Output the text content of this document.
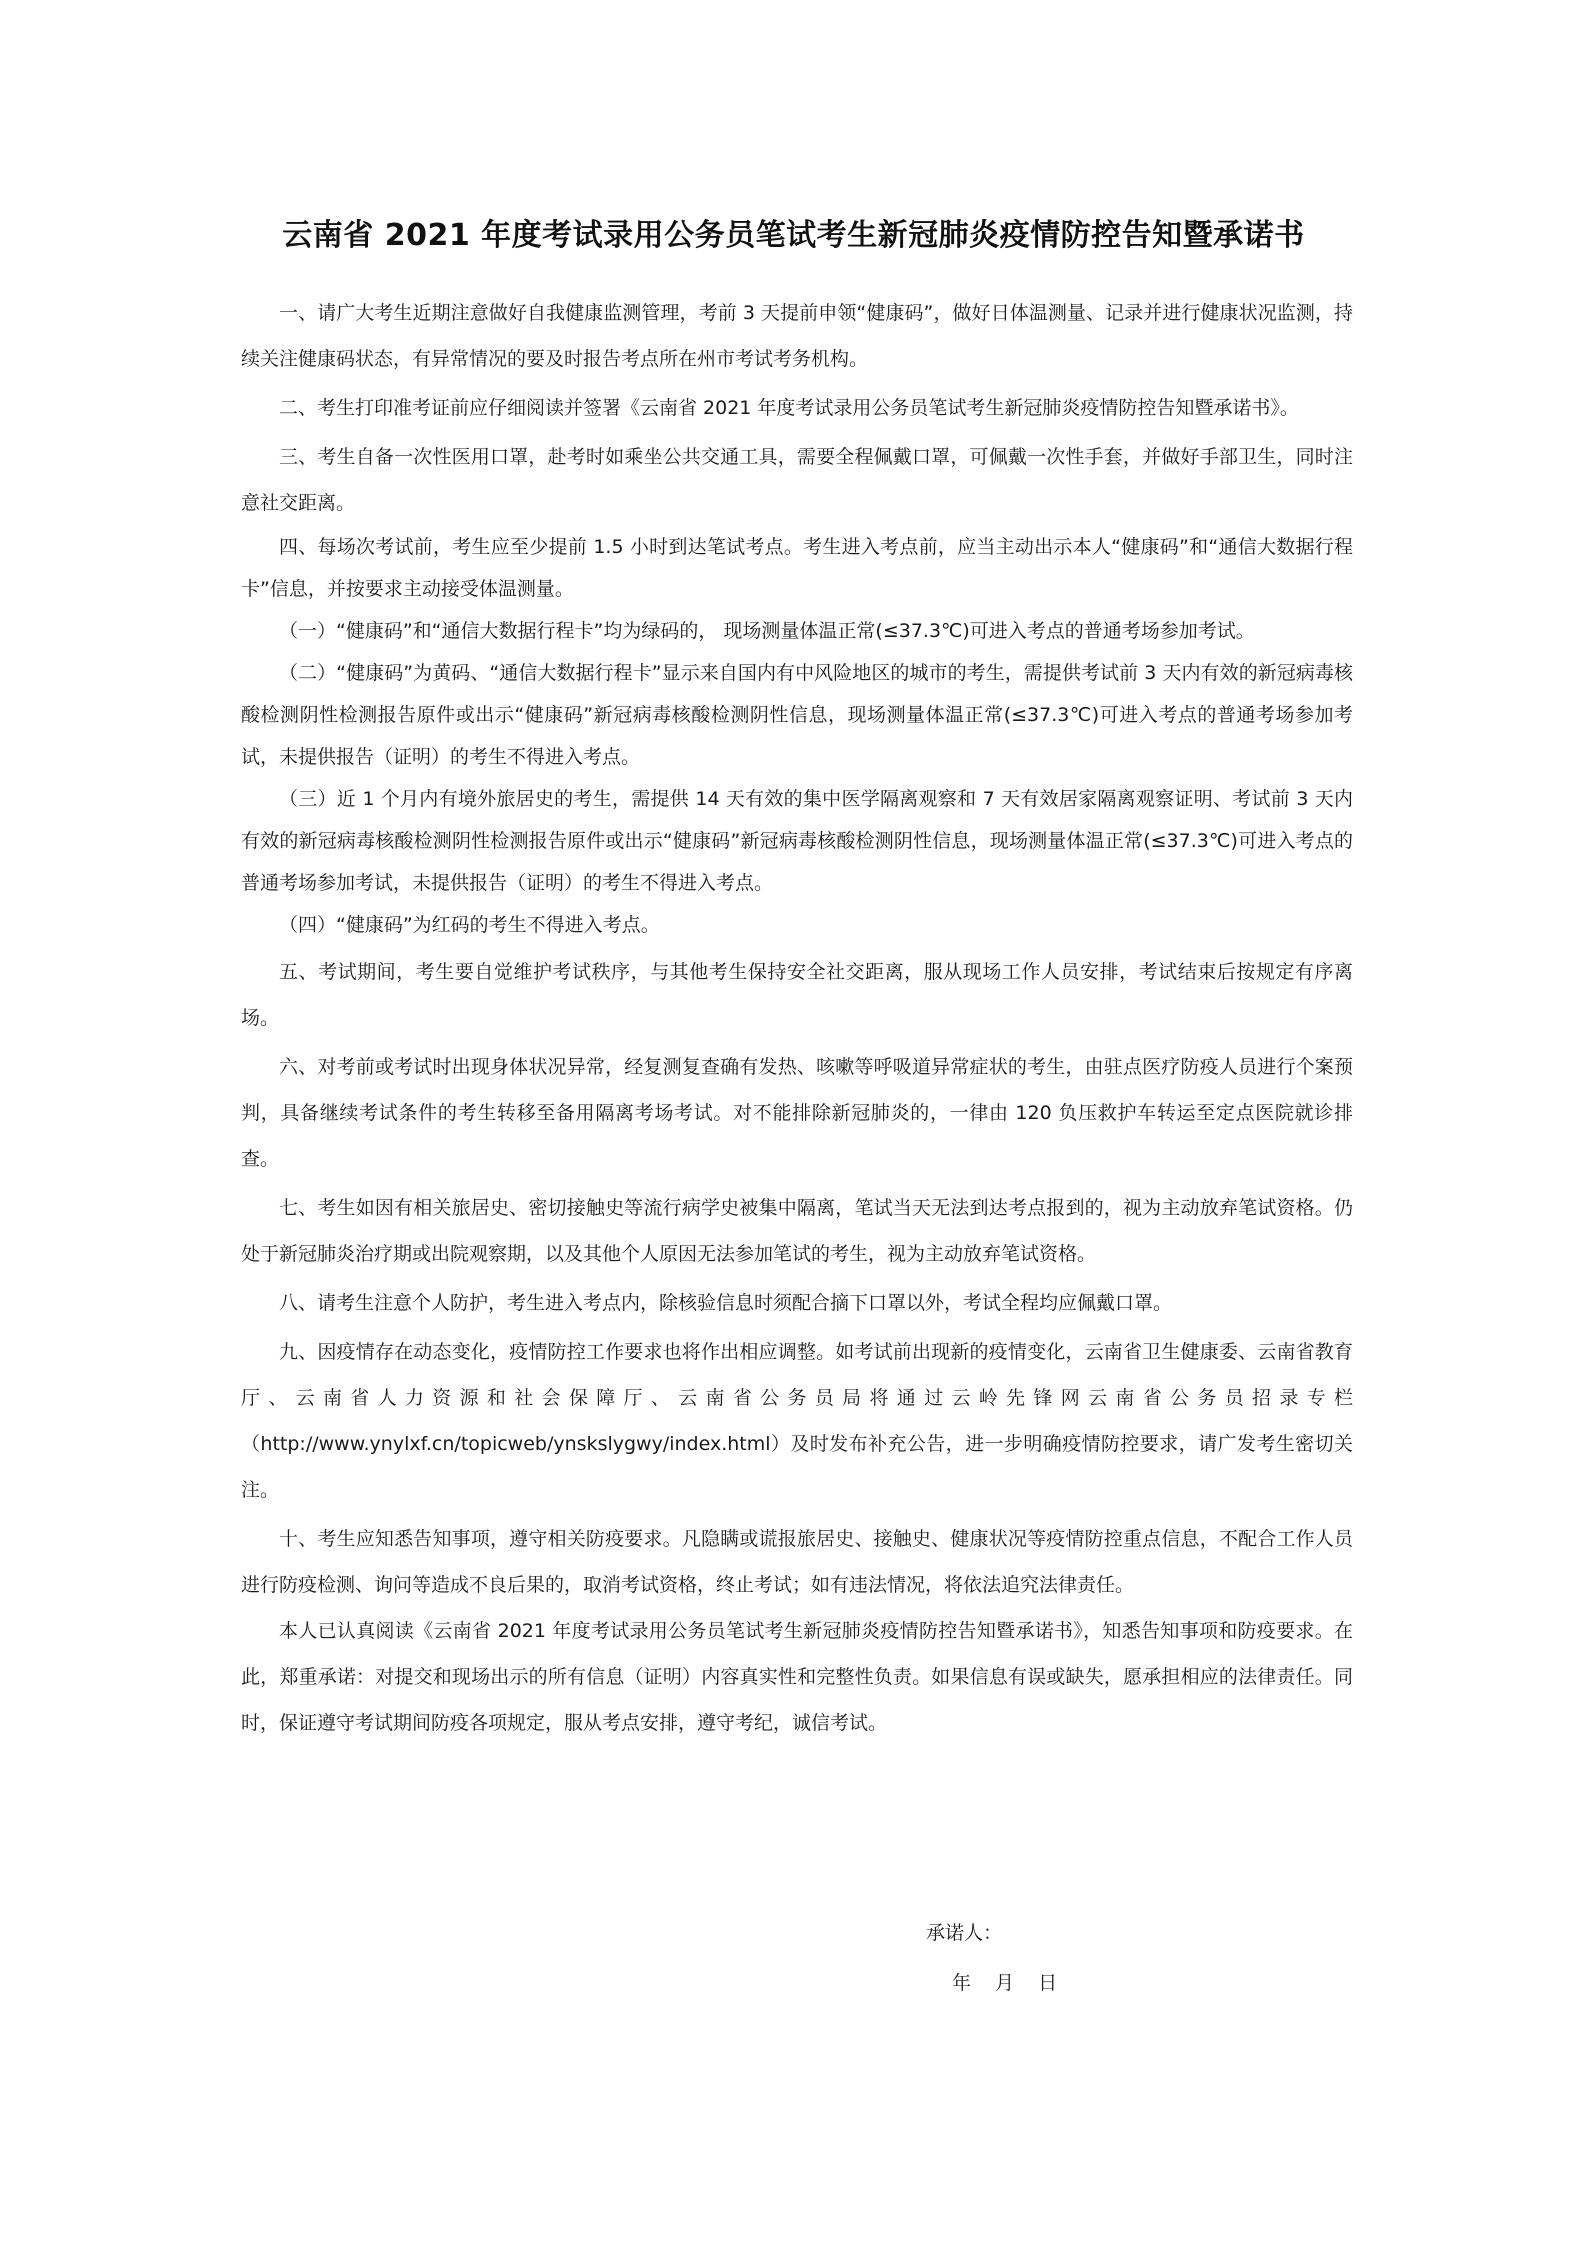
云南省 2021 年度考试录用公务员笔试考生新冠肺炎疫情防控告知暨承诺书

一、请广大考生近期注意做好自我健康监测管理，考前 3 天提前申领“健康码”，做好日体温测量、记录并进行健康状况监测，持续关注健康码状态，有异常情况的要及时报告考点所在州市考试考务机构。

二、考生打印准考证前应仔细阅读并签署《云南省 2021 年度考试录用公务员笔试考生新冠肺炎疫情防控告知暨承诺书》。

三、考生自备一次性医用口罩，赴考时如乘坐公共交通工具，需要全程佩戴口罩，可佩戴一次性手套，并做好手部卫生，同时注意社交距离。

四、每场次考试前，考生应至少提前 1.5 小时到达笔试考点。考生进入考点前，应当主动出示本人“健康码”和“通信大数据行程卡”信息，并按要求主动接受体温测量。

（一）“健康码”和“通信大数据行程卡”均为绿码的， 现场测量体温正常(≤37.3℃)可进入考点的普通考场参加考试。

（二）“健康码”为黄码、“通信大数据行程卡”显示来自国内有中风险地区的城市的考生，需提供考试前 3 天内有效的新冠病毒核酸检测阴性检测报告原件或出示“健康码”新冠病毒核酸检测阴性信息，现场测量体温正常(≤37.3℃)可进入考点的普通考场参加考试，未提供报告（证明）的考生不得进入考点。

（三）近 1 个月内有境外旅居史的考生，需提供 14 天有效的集中医学隔离观察和 7 天有效居家隔离观察证明、考试前 3 天内有效的新冠病毒核酸检测阴性检测报告原件或出示“健康码”新冠病毒核酸检测阴性信息，现场测量体温正常(≤37.3℃)可进入考点的普通考场参加考试，未提供报告（证明）的考生不得进入考点。

（四）“健康码”为红码的考生不得进入考点。

五、考试期间，考生要自觉维护考试秩序，与其他考生保持安全社交距离，服从现场工作人员安排，考试结束后按规定有序离场。

六、对考前或考试时出现身体状况异常，经复测复查确有发热、咳嗽等呼吸道异常症状的考生，由驻点医疗防疫人员进行个案预判，具备继续考试条件的考生转移至备用隔离考场考试。对不能排除新冠肺炎的，一律由 120 负压救护车转运至定点医院就诊排查。

七、考生如因有相关旅居史、密切接触史等流行病学史被集中隔离，笔试当天无法到达考点报到的，视为主动放弃笔试资格。仍处于新冠肺炎治疗期或出院观察期，以及其他个人原因无法参加笔试的考生，视为主动放弃笔试资格。

八、请考生注意个人防护，考生进入考点内，除核验信息时须配合摘下口罩以外，考试全程均应佩戴口罩。

九、因疫情存在动态变化，疫情防控工作要求也将作出相应调整。如考试前出现新的疫情变化，云南省卫生健康委、云南省教育厅、云南省人力资源和社会保障厅、云南省公务员局将通过云岭先锋网云南省公务员招录专栏（http://www.ynylxf.cn/topicweb/ynskslygwy/index.html）及时发布补充公告，进一步明确疫情防控要求，请广发考生密切关注。

十、考生应知悉告知事项，遵守相关防疫要求。凡隐瞒或谎报旅居史、接触史、健康状况等疫情防控重点信息，不配合工作人员进行防疫检测、询问等造成不良后果的，取消考试资格，终止考试；如有违法情况，将依法追究法律责任。

本人已认真阅读《云南省 2021 年度考试录用公务员笔试考生新冠肺炎疫情防控告知暨承诺书》，知悉告知事项和防疫要求。在此，郑重承诺：对提交和现场出示的所有信息（证明）内容真实性和完整性负责。如果信息有误或缺失，愿承担相应的法律责任。同时，保证遵守考试期间防疫各项规定，服从考点安排，遵守考纪，诚信考试。

承诺人：
年 月 日
